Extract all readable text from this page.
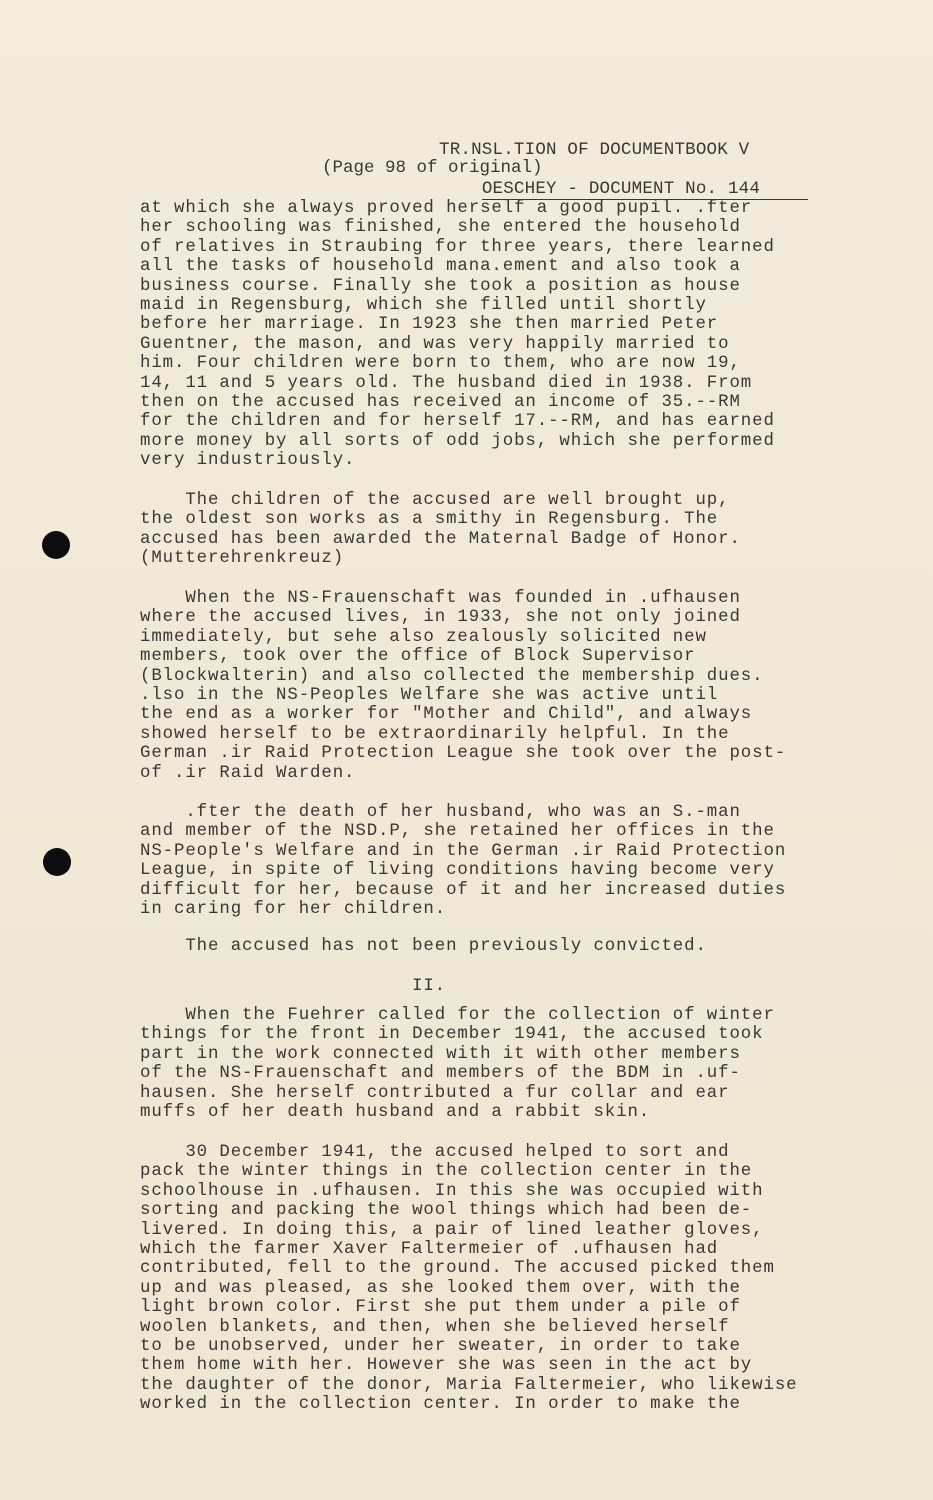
TR.NSL.TION OF DOCUMENTBOOK V

OESCHEY - DOCUMENT No. 144

(Page 98 of original)
at which she always proved herself a good pupil. .fter
her schooling was finished, she entered the household
of relatives in Straubing for three years, there learned
all the tasks of household mana.ement and also took a
business course. Finally she took a position as house
maid in Regensburg, which she filled until shortly
before her marriage. In 1923 she then married Peter
Guentner, the mason, and was very happily married to
him. Four children were born to them, who are now 19,
14, 11 and 5 years old. The husband died in 1938. From
then on the accused has received an income of 35.--RM
for the children and for herself 17.--RM, and has earned
more money by all sorts of odd jobs, which she performed
very industriously.
The children of the accused are well brought up,
the oldest son works as a smithy in Regensburg. The
accused has been awarded the Maternal Badge of Honor.
(Mutterehrenkreuz)
When the NS-Frauenschaft was founded in .ufhausen
where the accused lives, in 1933, she not only joined
immediately, but sehe also zealously solicited new
members, took over the office of Block Supervisor
(Blockwalterin) and also collected the membership dues.
.lso in the NS-Peoples Welfare she was active until
the end as a worker for "Mother and Child", and always
showed herself to be extraordinarily helpful. In the
German .ir Raid Protection League she took over the post-
of .ir Raid Warden.
.fter the death of her husband, who was an S.-man
and member of the NSD.P, she retained her offices in the
NS-People's Welfare and in the German .ir Raid Protection
League, in spite of living conditions having become very
difficult for her, because of it and her increased duties
in caring for her children.
The accused has not been previously convicted.
II.
When the Fuehrer called for the collection of winter
things for the front in December 1941, the accused took
part in the work connected with it with other members
of the NS-Frauenschaft and members of the BDM in .uf-
hausen. She herself contributed a fur collar and ear
muffs of her death husband and a rabbit skin.
30 December 1941, the accused helped to sort and
pack the winter things in the collection center in the
schoolhouse in .ufhausen. In this she was occupied with
sorting and packing the wool things which had been de-
livered. In doing this, a pair of lined leather gloves,
which the farmer Xaver Faltermeier of .ufhausen had
contributed, fell to the ground. The accused picked them
up and was pleased, as she looked them over, with the
light brown color. First she put them under a pile of
woolen blankets, and then, when she believed herself
to be unobserved, under her sweater, in order to take
them home with her. However she was seen in the act by
the daughter of the donor, Maria Faltermeier, who likewise
worked in the collection center. In order to make the
